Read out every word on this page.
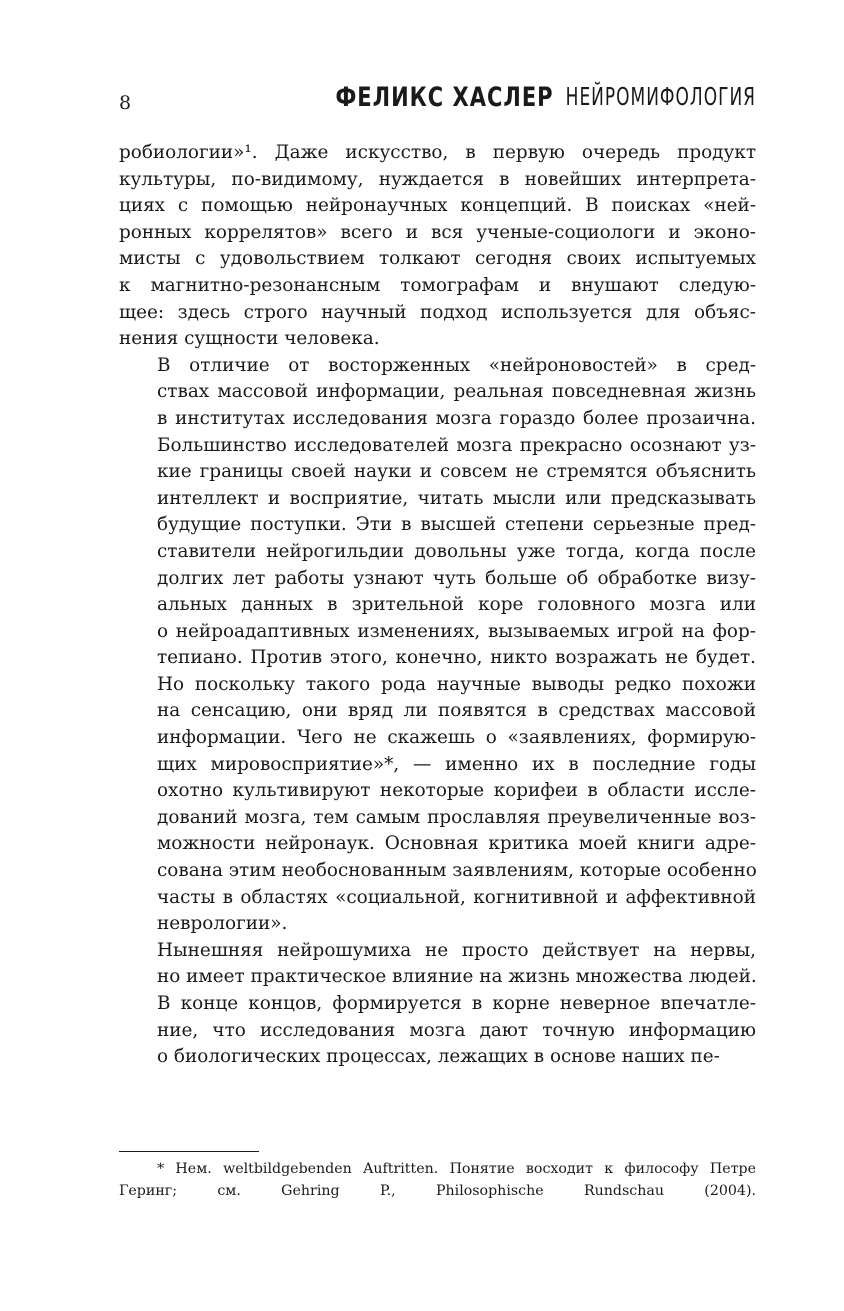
8	ФЕЛИКС ХАСЛЕР НЕЙРОМИФОЛОГИЯ

робиологии»¹. Даже искусство, в первую очередь продукт
культуры, по-видимому, нуждается в новейших интерпрета-
циях с помощью нейронаучных концепций. В поисках «ней-
ронных коррелятов» всего и вся ученые-социологи и эконо-
мисты с удовольствием толкают сегодня своих испытуемых
к магнитно-резонансным томографам и внушают следую-
щее: здесь строго научный подход используется для объяс-
нения сущности человека.

В отличие от восторженных «нейроновостей» в сред-
ствах массовой информации, реальная повседневная жизнь
в институтах исследования мозга гораздо более прозаична.
Большинство исследователей мозга прекрасно осознают уз-
кие границы своей науки и совсем не стремятся объяснить
интеллект и восприятие, читать мысли или предсказывать
будущие поступки. Эти в высшей степени серьезные пред-
ставители нейрогильдии довольны уже тогда, когда после
долгих лет работы узнают чуть больше об обработке визу-
альных данных в зрительной коре головного мозга или
о нейроадаптивных изменениях, вызываемых игрой на фор-
тепиано. Против этого, конечно, никто возражать не будет.
Но поскольку такого рода научные выводы редко похожи
на сенсацию, они вряд ли появятся в средствах массовой
информации. Чего не скажешь о «заявлениях, формирую-
щих мировосприятие»*, — именно их в последние годы
охотно культивируют некоторые корифеи в области иссле-
дований мозга, тем самым прославляя преувеличенные воз-
можности нейронаук. Основная критика моей книги адре-
сована этим необоснованным заявлениям, которые особенно
часты в областях «социальной, когнитивной и аффективной
неврологии».

Нынешняя нейрошумиха не просто действует на нервы,
но имеет практическое влияние на жизнь множества людей.
В конце концов, формируется в корне неверное впечатле-
ние, что исследования мозга дают точную информацию
о биологических процессах, лежащих в основе наших пе-

* Нем. weltbildgebenden Auftritten. Понятие восходит к философу Петре
Геринг; см. Gehring P., Philosophische Rundschau (2004).
